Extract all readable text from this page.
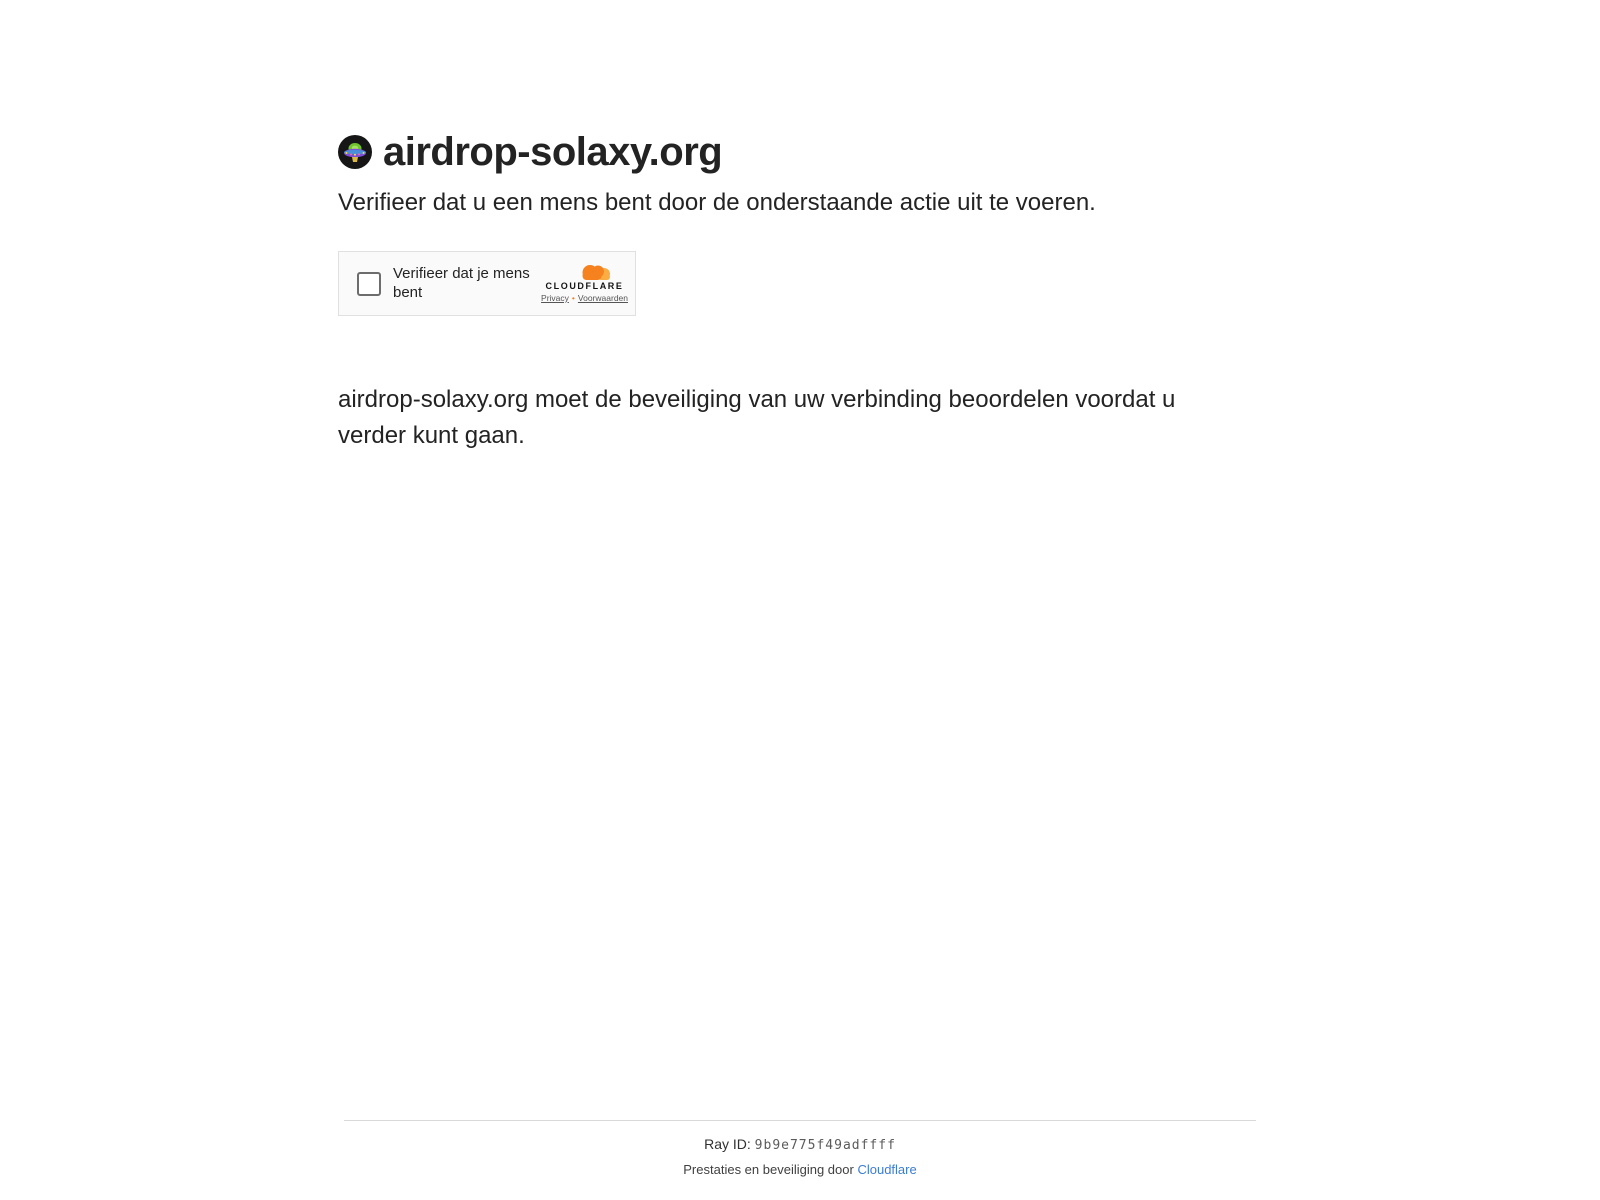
airdrop-solaxy.org
Verifieer dat u een mens bent door de onderstaande actie uit te voeren.
Verifieer dat je mens bent	CLOUDFLARE
Privacy • Voorwaarden

airdrop-solaxy.org moet de beveiliging van uw verbinding beoordelen voordat u verder kunt gaan.

Ray ID: 9b9e775f49adffff
Prestaties en beveiliging door Cloudflare
